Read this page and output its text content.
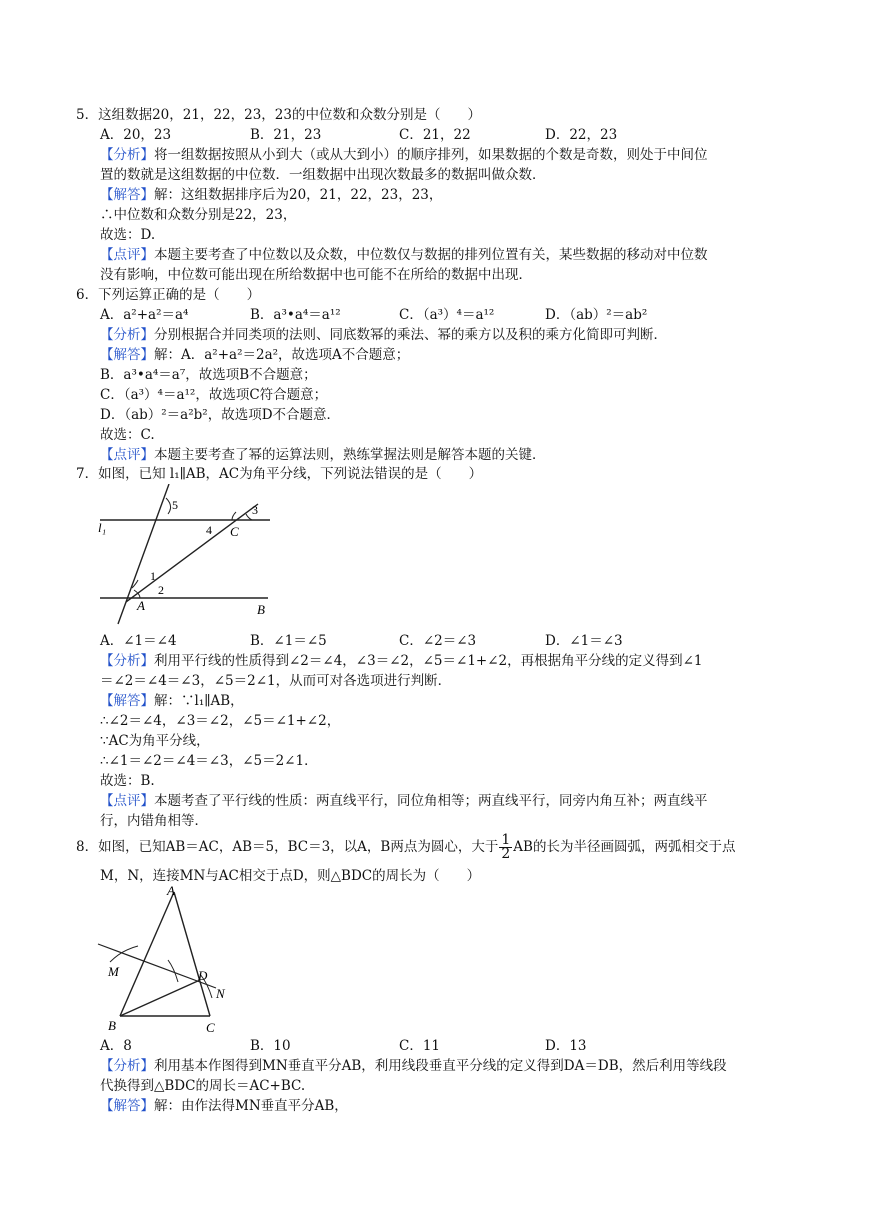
5．这组数据20，21，22，23，23的中位数和众数分别是（　　）
A．20，23	B．21，23	C．21，22	D．22，23
【分析】将一组数据按照从小到大（或从大到小）的顺序排列，如果数据的个数是奇数，则处于中间位
置的数就是这组数据的中位数．一组数据中出现次数最多的数据叫做众数．
【解答】解：这组数据排序后为20，21，22，23，23，
∴中位数和众数分别是22，23，
故选：D.
【点评】本题主要考查了中位数以及众数，中位数仅与数据的排列位置有关，某些数据的移动对中位数
没有影响，中位数可能出现在所给数据中也可能不在所给的数据中出现．
6．下列运算正确的是（　　）
A．a²+a²＝a⁴	B．a³•a⁴＝a¹²	C．（a³）⁴＝a¹²	D．（ab）²＝ab²
【分析】分别根据合并同类项的法则、同底数幂的乘法、幂的乘方以及积的乘方化简即可判断．
【解答】解：A．a²+a²＝2a²，故选项A不合题意；
B．a³•a⁴＝a⁷，故选项B不合题意；
C．（a³）⁴＝a¹²，故选项C符合题意；
D．（ab）²＝a²b²，故选项D不合题意．
故选：C.
【点评】本题主要考查了幂的运算法则，熟练掌握法则是解答本题的关键．
7．如图，已知 l₁∥AB，AC为角平分线，下列说法错误的是（　　）
l₁
5
4
3
C
1
2
A	B
A．∠1＝∠4	B．∠1＝∠5	C．∠2＝∠3	D．∠1＝∠3
【分析】利用平行线的性质得到∠2＝∠4，∠3＝∠2，∠5＝∠1+∠2，再根据角平分线的定义得到∠1
＝∠2＝∠4＝∠3，∠5＝2∠1，从而可对各选项进行判断．
【解答】解：∵l₁∥AB，
∴∠2＝∠4，∠3＝∠2，∠5＝∠1+∠2，
∵AC为角平分线，
∴∠1＝∠2＝∠4＝∠3，∠5＝2∠1．
故选：B.
【点评】本题考查了平行线的性质：两直线平行，同位角相等；两直线平行，同旁内角互补；两直线平
行，内错角相等．
8．如图，已知AB＝AC，AB＝5，BC＝3，以A，B两点为圆心，大于 $\frac{1}{2}$ AB的长为半径画圆弧，两弧相交于点
M，N，连接MN与AC相交于点D，则△BDC的周长为（　　）
A
M	D
N
B	C
A．8	B．10	C．11	D．13
【分析】利用基本作图得到MN垂直平分AB，利用线段垂直平分线的定义得到DA＝DB，然后利用等线段
代换得到△BDC的周长＝AC+BC.
【解答】解：由作法得MN垂直平分AB，
